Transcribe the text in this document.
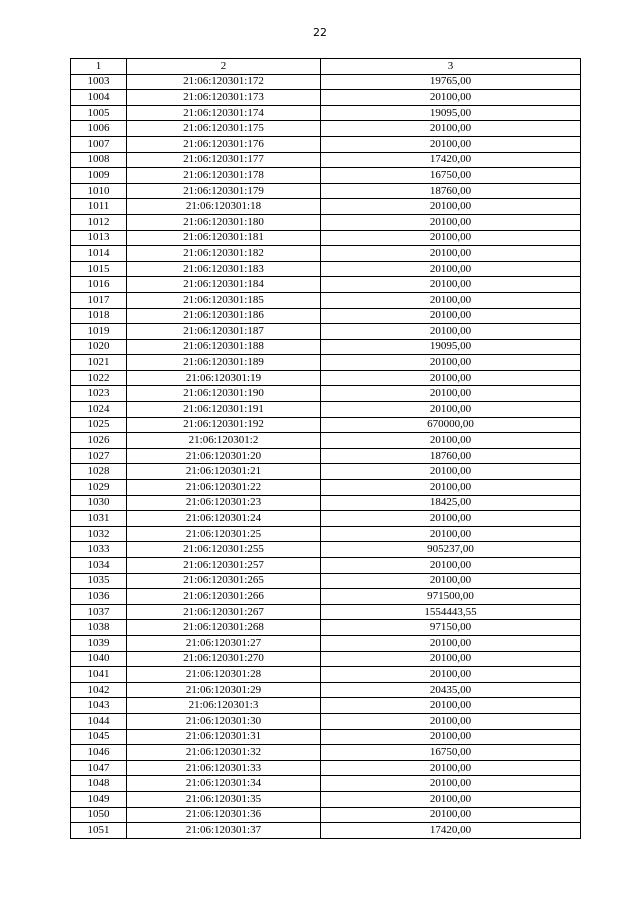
22
1	2	3
1003	21:06:120301:172	19765,00
1004	21:06:120301:173	20100,00
1005	21:06:120301:174	19095,00
1006	21:06:120301:175	20100,00
1007	21:06:120301:176	20100,00
1008	21:06:120301:177	17420,00
1009	21:06:120301:178	16750,00
1010	21:06:120301:179	18760,00
1011	21:06:120301:18	20100,00
1012	21:06:120301:180	20100,00
1013	21:06:120301:181	20100,00
1014	21:06:120301:182	20100,00
1015	21:06:120301:183	20100,00
1016	21:06:120301:184	20100,00
1017	21:06:120301:185	20100,00
1018	21:06:120301:186	20100,00
1019	21:06:120301:187	20100,00
1020	21:06:120301:188	19095,00
1021	21:06:120301:189	20100,00
1022	21:06:120301:19	20100,00
1023	21:06:120301:190	20100,00
1024	21:06:120301:191	20100,00
1025	21:06:120301:192	670000,00
1026	21:06:120301:2	20100,00
1027	21:06:120301:20	18760,00
1028	21:06:120301:21	20100,00
1029	21:06:120301:22	20100,00
1030	21:06:120301:23	18425,00
1031	21:06:120301:24	20100,00
1032	21:06:120301:25	20100,00
1033	21:06:120301:255	905237,00
1034	21:06:120301:257	20100,00
1035	21:06:120301:265	20100,00
1036	21:06:120301:266	971500,00
1037	21:06:120301:267	1554443,55
1038	21:06:120301:268	97150,00
1039	21:06:120301:27	20100,00
1040	21:06:120301:270	20100,00
1041	21:06:120301:28	20100,00
1042	21:06:120301:29	20435,00
1043	21:06:120301:3	20100,00
1044	21:06:120301:30	20100,00
1045	21:06:120301:31	20100,00
1046	21:06:120301:32	16750,00
1047	21:06:120301:33	20100,00
1048	21:06:120301:34	20100,00
1049	21:06:120301:35	20100,00
1050	21:06:120301:36	20100,00
1051	21:06:120301:37	17420,00
